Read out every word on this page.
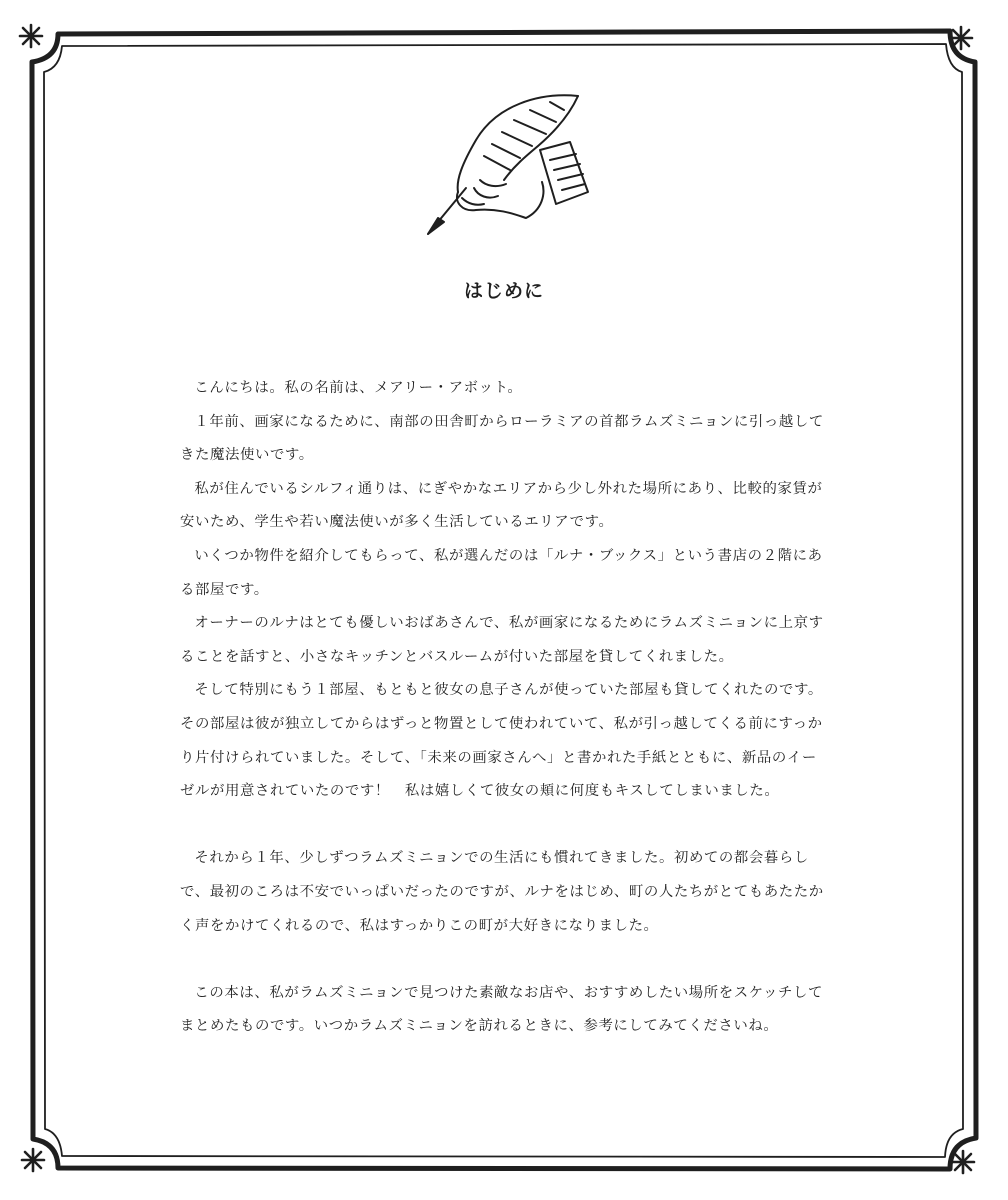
はじめに

こんにちは。私の名前は、メアリー・アボット。

１年前、画家になるために、南部の田舎町からローラミアの首都ラムズミニョンに引っ越してきた魔法使いです。

私が住んでいるシルフィ通りは、にぎやかなエリアから少し外れた場所にあり、比較的家賃が安いため、学生や若い魔法使いが多く生活しているエリアです。

いくつか物件を紹介してもらって、私が選んだのは「ルナ・ブックス」という書店の２階にある部屋です。

オーナーのルナはとても優しいおばあさんで、私が画家になるためにラムズミニョンに上京することを話すと、小さなキッチンとバスルームが付いた部屋を貸してくれました。

そして特別にもう１部屋、もともと彼女の息子さんが使っていた部屋も貸してくれたのです。その部屋は彼が独立してからはずっと物置として使われていて、私が引っ越してくる前にすっかり片付けられていました。そして、「未来の画家さんへ」と書かれた手紙とともに、新品のイーゼルが用意されていたのです！　私は嬉しくて彼女の頬に何度もキスしてしまいました。

それから１年、少しずつラムズミニョンでの生活にも慣れてきました。初めての都会暮らしで、最初のころは不安でいっぱいだったのですが、ルナをはじめ、町の人たちがとてもあたたかく声をかけてくれるので、私はすっかりこの町が大好きになりました。

この本は、私がラムズミニョンで見つけた素敵なお店や、おすすめしたい場所をスケッチしてまとめたものです。いつかラムズミニョンを訪れるときに、参考にしてみてくださいね。
